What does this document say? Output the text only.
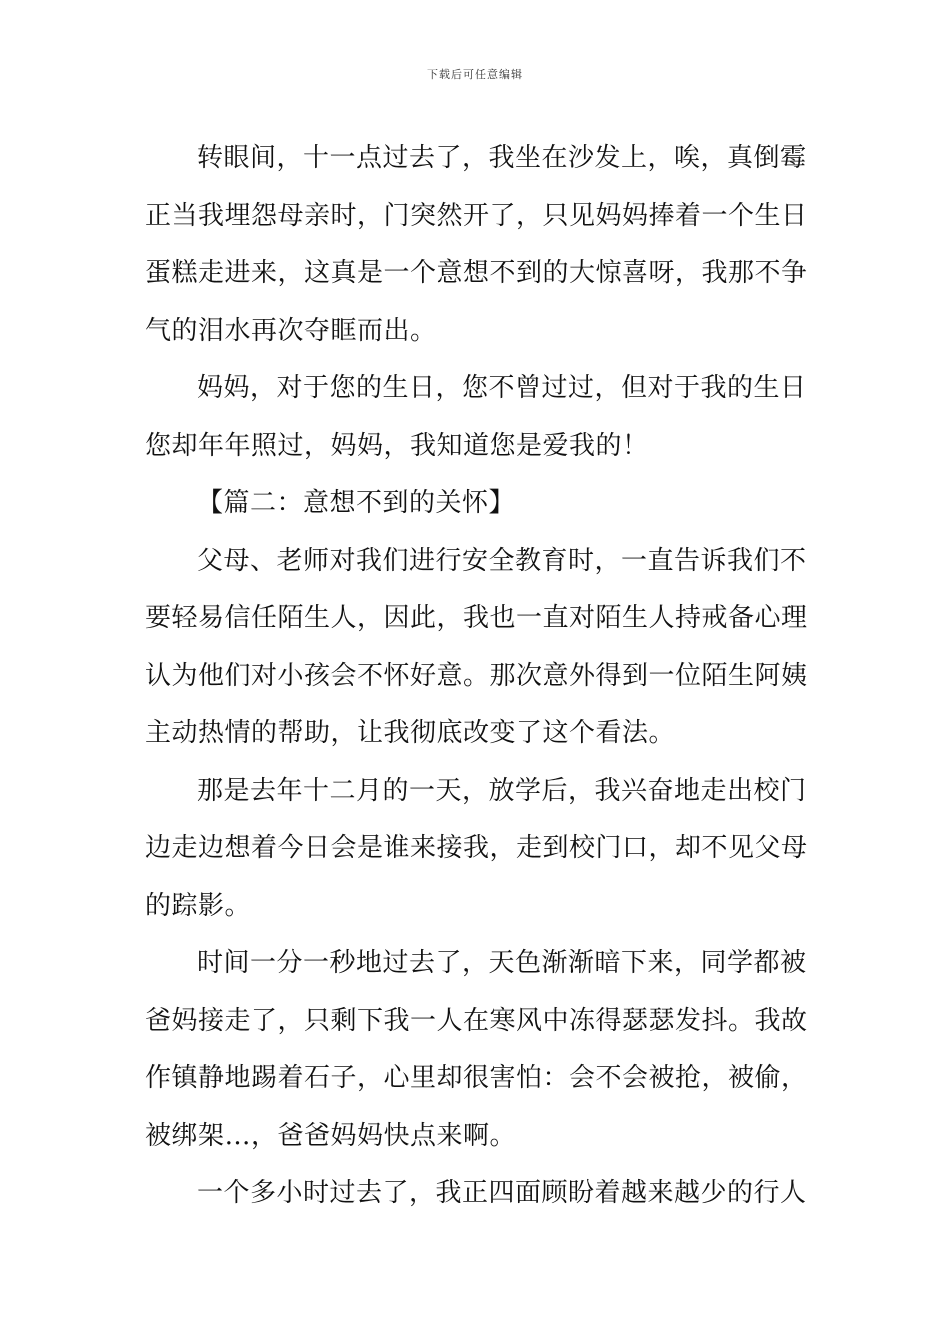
下载后可任意编辑
转眼间，十一点过去了，我坐在沙发上，唉，真倒霉
正当我埋怨母亲时，门突然开了，只见妈妈捧着一个生日
蛋糕走进来，这真是一个意想不到的大惊喜呀，我那不争
气的泪水再次夺眶而出。
妈妈，对于您的生日，您不曾过过，但对于我的生日
您却年年照过，妈妈，我知道您是爱我的！
【篇二：意想不到的关怀】
父母、老师对我们进行安全教育时，一直告诉我们不
要轻易信任陌生人，因此，我也一直对陌生人持戒备心理
认为他们对小孩会不怀好意。那次意外得到一位陌生阿姨
主动热情的帮助，让我彻底改变了这个看法。
那是去年十二月的一天，放学后，我兴奋地走出校门
边走边想着今日会是谁来接我，走到校门口，却不见父母
的踪影。
时间一分一秒地过去了，天色渐渐暗下来，同学都被
爸妈接走了，只剩下我一人在寒风中冻得瑟瑟发抖。我故
作镇静地踢着石子，心里却很害怕：会不会被抢，被偷，
被绑架…，爸爸妈妈快点来啊。
一个多小时过去了，我正四面顾盼着越来越少的行人
